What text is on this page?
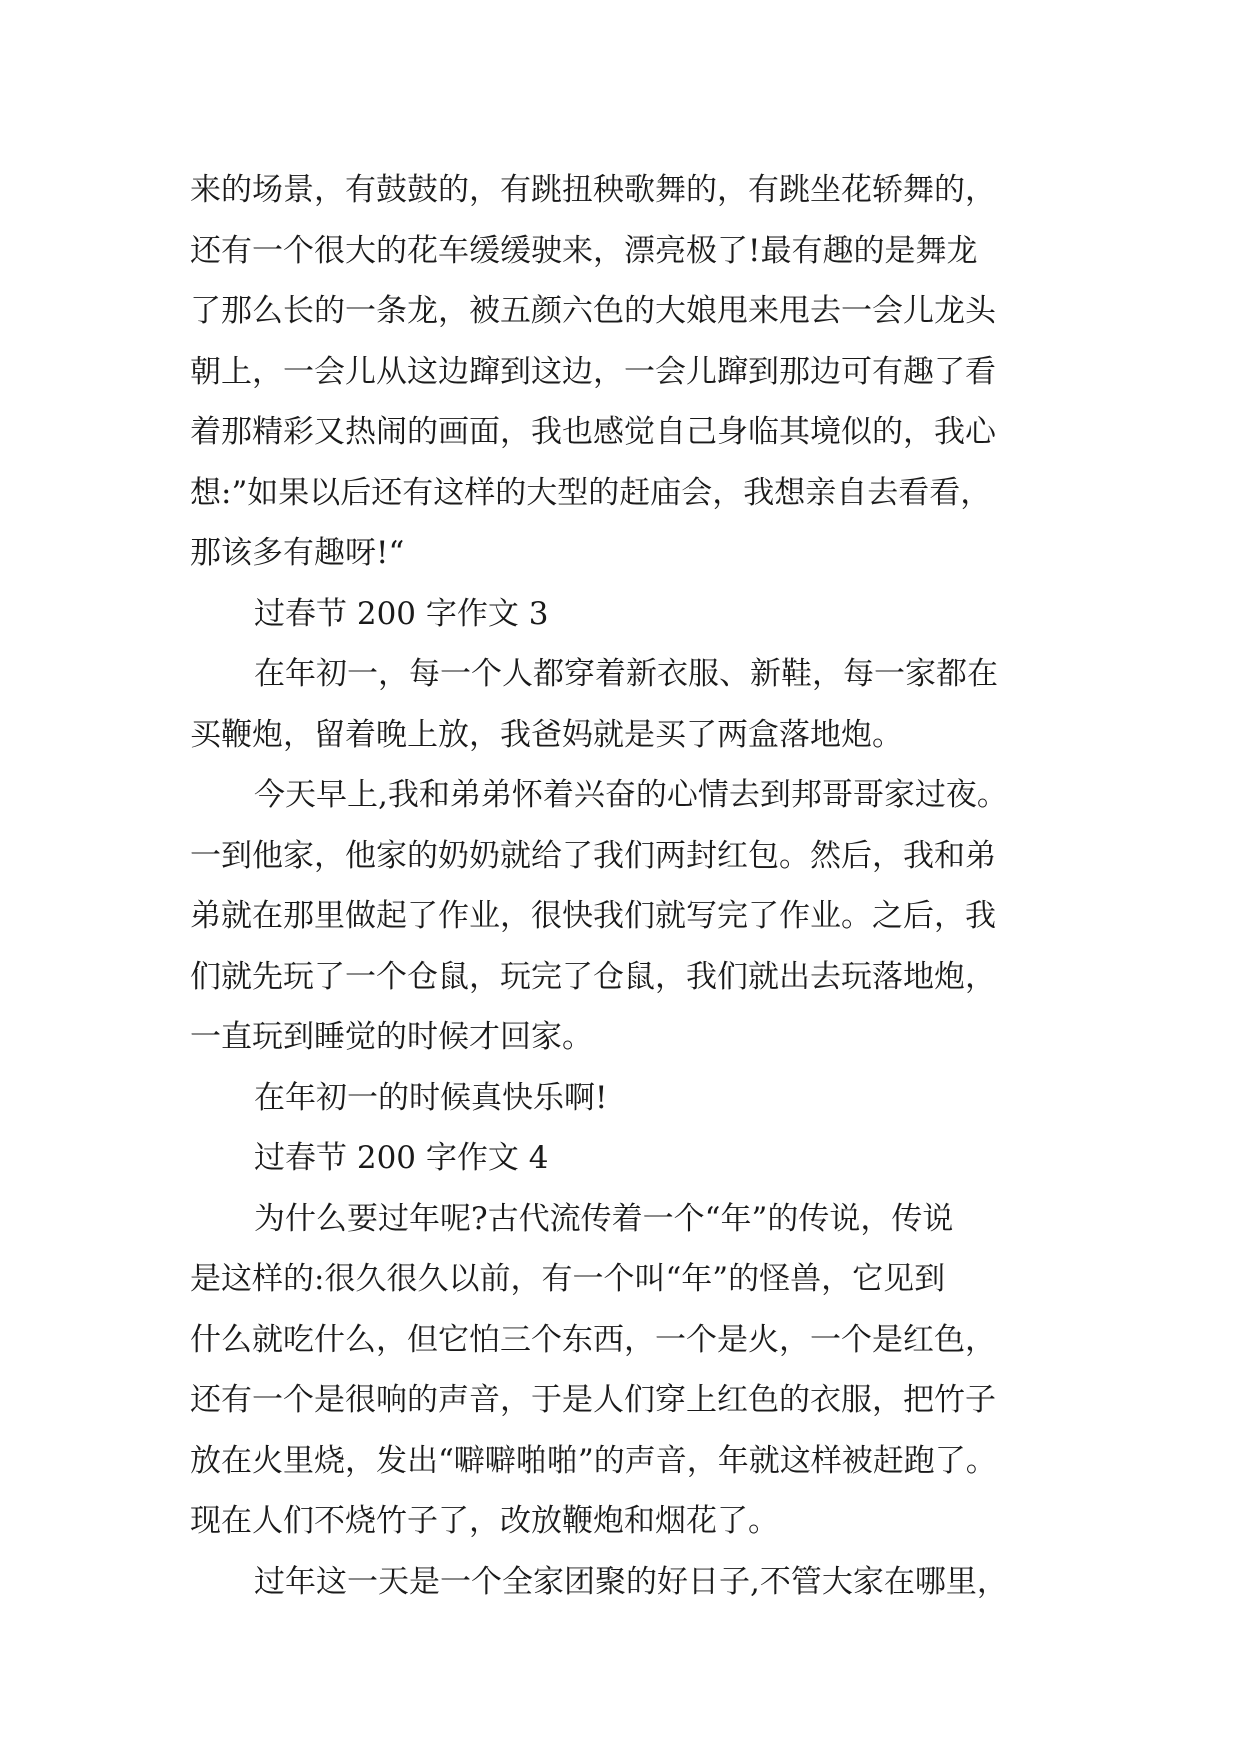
来的场景，有鼓鼓的，有跳扭秧歌舞的，有跳坐花轿舞的，
还有一个很大的花车缓缓驶来，漂亮极了!最有趣的是舞龙
了那么长的一条龙，被五颜六色的大娘甩来甩去一会儿龙头
朝上，一会儿从这边蹿到这边，一会儿蹿到那边可有趣了看
着那精彩又热闹的画面，我也感觉自己身临其境似的，我心
想:”如果以后还有这样的大型的赶庙会，我想亲自去看看，
那该多有趣呀!“
过春节 200 字作文 3
在年初一，每一个人都穿着新衣服、新鞋，每一家都在
买鞭炮，留着晚上放，我爸妈就是买了两盒落地炮。
今天早上,我和弟弟怀着兴奋的心情去到邦哥哥家过夜。
一到他家，他家的奶奶就给了我们两封红包。然后，我和弟
弟就在那里做起了作业，很快我们就写完了作业。之后，我
们就先玩了一个仓鼠，玩完了仓鼠，我们就出去玩落地炮，
一直玩到睡觉的时候才回家。
在年初一的时候真快乐啊!
过春节 200 字作文 4
为什么要过年呢?古代流传着一个“年”的传说，传说
是这样的:很久很久以前，有一个叫“年”的怪兽，它见到
什么就吃什么，但它怕三个东西，一个是火，一个是红色，
还有一个是很响的声音，于是人们穿上红色的衣服，把竹子
放在火里烧，发出“噼噼啪啪”的声音，年就这样被赶跑了。
现在人们不烧竹子了，改放鞭炮和烟花了。
过年这一天是一个全家团聚的好日子,不管大家在哪里，
